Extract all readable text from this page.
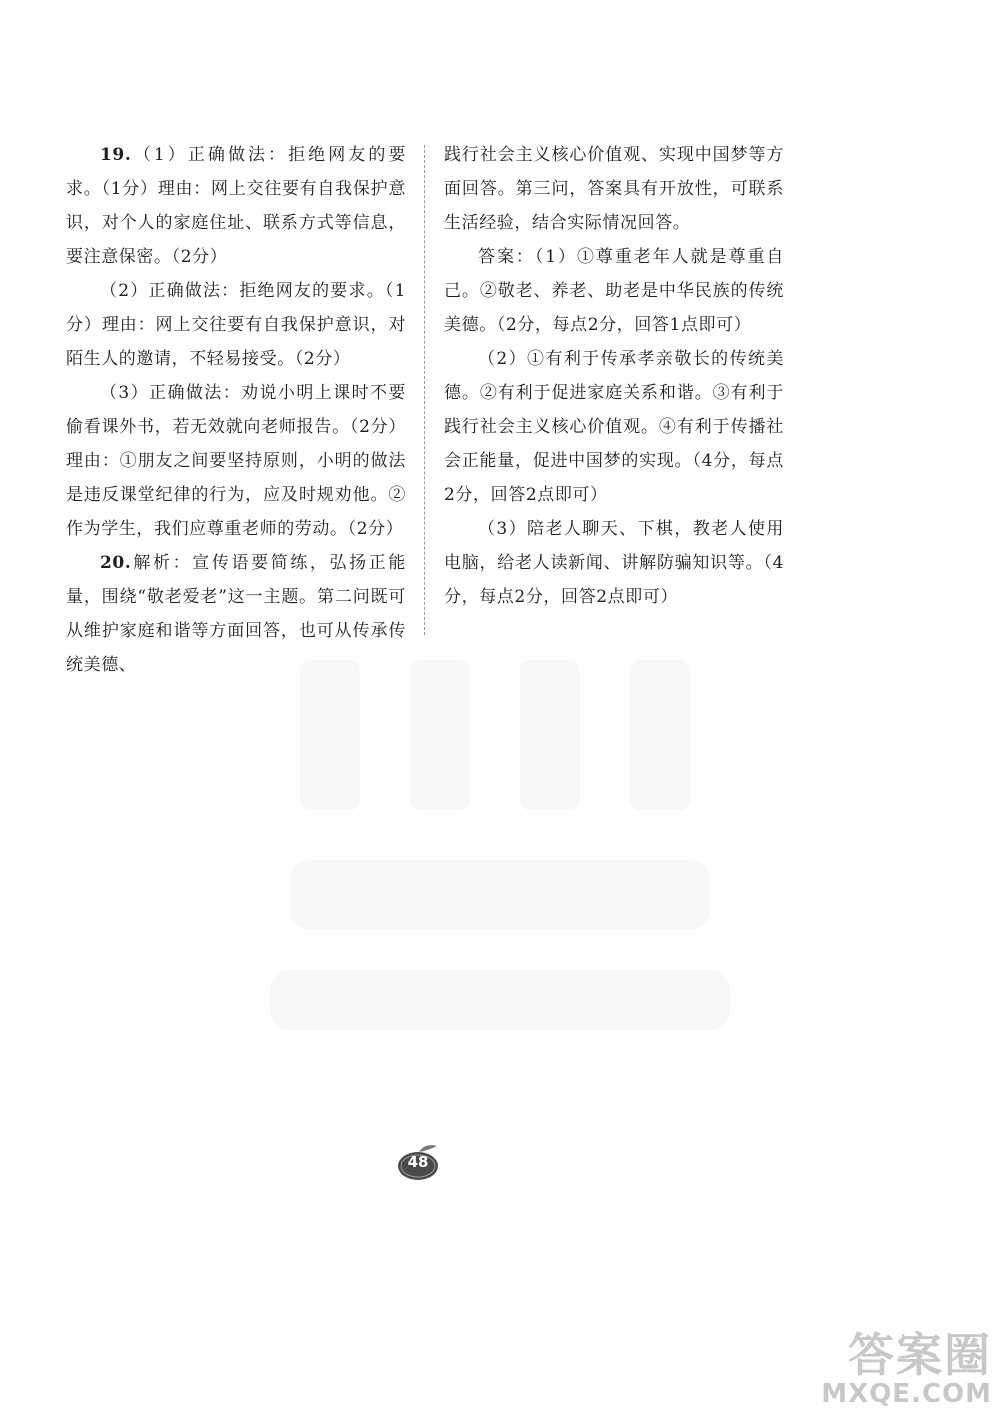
19.（1）正确做法：拒绝网友的要求。（1分）理由：网上交往要有自我保护意识，对个人的家庭住址、联系方式等信息，要注意保密。（2分）

（2）正确做法：拒绝网友的要求。（1分）理由：网上交往要有自我保护意识，对陌生人的邀请，不轻易接受。（2分）

（3）正确做法：劝说小明上课时不要偷看课外书，若无效就向老师报告。（2分）理由：①朋友之间要坚持原则，小明的做法是违反课堂纪律的行为，应及时规劝他。②作为学生，我们应尊重老师的劳动。（2分）

20.解析：宣传语要简练，弘扬正能量，围绕“敬老爱老”这一主题。第二问既可从维护家庭和谐等方面回答，也可从传承传统美德、

践行社会主义核心价值观、实现中国梦等方面回答。第三问，答案具有开放性，可联系生活经验，结合实际情况回答。

答案：（1）①尊重老年人就是尊重自己。②敬老、养老、助老是中华民族的传统美德。（2分，每点2分，回答1点即可）

（2）①有利于传承孝亲敬长的传统美德。②有利于促进家庭关系和谐。③有利于践行社会主义核心价值观。④有利于传播社会正能量，促进中国梦的实现。（4分，每点2分，回答2点即可）

（3）陪老人聊天、下棋，教老人使用电脑，给老人读新闻、讲解防骗知识等。（4分，每点2分，回答2点即可）

48
答案圈
MXQE.COM
